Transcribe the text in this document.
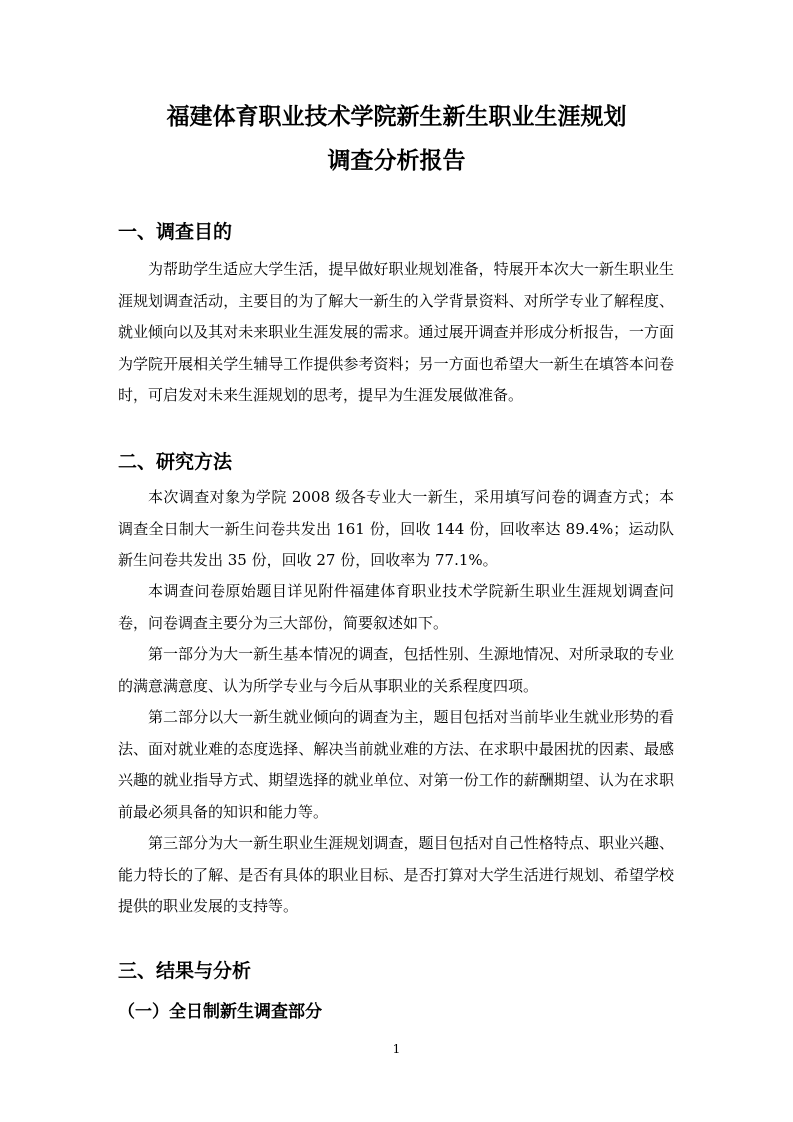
福建体育职业技术学院新生新生职业生涯规划
调查分析报告
一、调查目的

为帮助学生适应大学生活，提早做好职业规划准备，特展开本次大一新生职业生涯规划调查活动，主要目的为了解大一新生的入学背景资料、对所学专业了解程度、就业倾向以及其对未来职业生涯发展的需求。通过展开调查并形成分析报告，一方面为学院开展相关学生辅导工作提供参考资料；另一方面也希望大一新生在填答本问卷时，可启发对未来生涯规划的思考，提早为生涯发展做准备。

二、研究方法

本次调查对象为学院 2008 级各专业大一新生，采用填写问卷的调查方式；本调查全日制大一新生问卷共发出 161 份，回收 144 份，回收率达 89.4%；运动队新生问卷共发出 35 份，回收 27 份，回收率为 77.1%。

本调查问卷原始题目详见附件福建体育职业技术学院新生职业生涯规划调查问卷，问卷调查主要分为三大部份，简要叙述如下。

第一部分为大一新生基本情况的调查，包括性别、生源地情况、对所录取的专业的满意满意度、认为所学专业与今后从事职业的关系程度四项。

第二部分以大一新生就业倾向的调查为主，题目包括对当前毕业生就业形势的看法、面对就业难的态度选择、解决当前就业难的方法、在求职中最困扰的因素、最感兴趣的就业指导方式、期望选择的就业单位、对第一份工作的薪酬期望、认为在求职前最必须具备的知识和能力等。

第三部分为大一新生职业生涯规划调查，题目包括对自己性格特点、职业兴趣、能力特长的了解、是否有具体的职业目标、是否打算对大学生活进行规划、希望学校提供的职业发展的支持等。

三、结果与分析
（一）全日制新生调查部分
1
